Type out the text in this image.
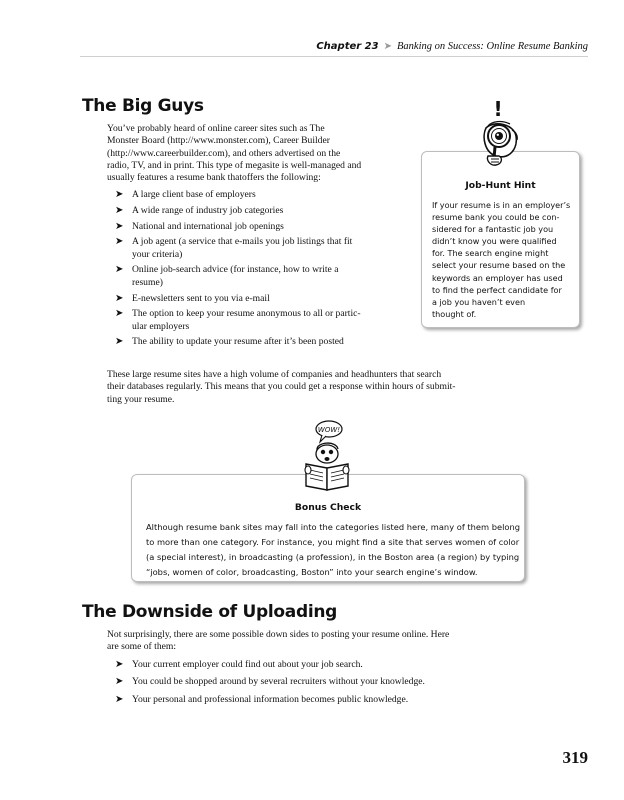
Chapter 23 ➤ Banking on Success: Online Resume Banking
The Big Guys

You’ve probably heard of online career sites such as The
Monster Board (http://www.monster.com), Career Builder
(http://www.careerbuilder.com), and others advertised on the
radio, TV, and in print. This type of megasite is well-managed and
usually features a resume bank thatoffers the following:

➤ A large client base of employers
➤ A wide range of industry job categories
➤ National and international job openings
➤ A job agent (a service that e-mails you job listings that fit
your criteria)
➤ Online job-search advice (for instance, how to write a
resume)
➤ E-newsletters sent to you via e-mail
➤ The option to keep your resume anonymous to all or partic-
ular employers
➤ The ability to update your resume after it’s been posted

These large resume sites have a high volume of companies and headhunters that search
their databases regularly. This means that you could get a response within hours of submit-
ting your resume.

Job-Hunt Hint
If your resume is in an employer’s
resume bank you could be con-
sidered for a fantastic job you
didn’t know you were qualified
for. The search engine might
select your resume based on the
keywords an employer has used
to find the perfect candidate for
a job you haven’t even
thought of.
!
Bonus Check
Although resume bank sites may fall into the categories listed here, many of them belong
to more than one category. For instance, you might find a site that serves women of color
(a special interest), in broadcasting (a profession), in the Boston area (a region) by typing
“jobs, women of color, broadcasting, Boston” into your search engine’s window.
WOW!
The Downside of Uploading

Not surprisingly, there are some possible down sides to posting your resume online. Here
are some of them:

➤ Your current employer could find out about your job search.
➤ You could be shopped around by several recruiters without your knowledge.
➤ Your personal and professional information becomes public knowledge.
319
